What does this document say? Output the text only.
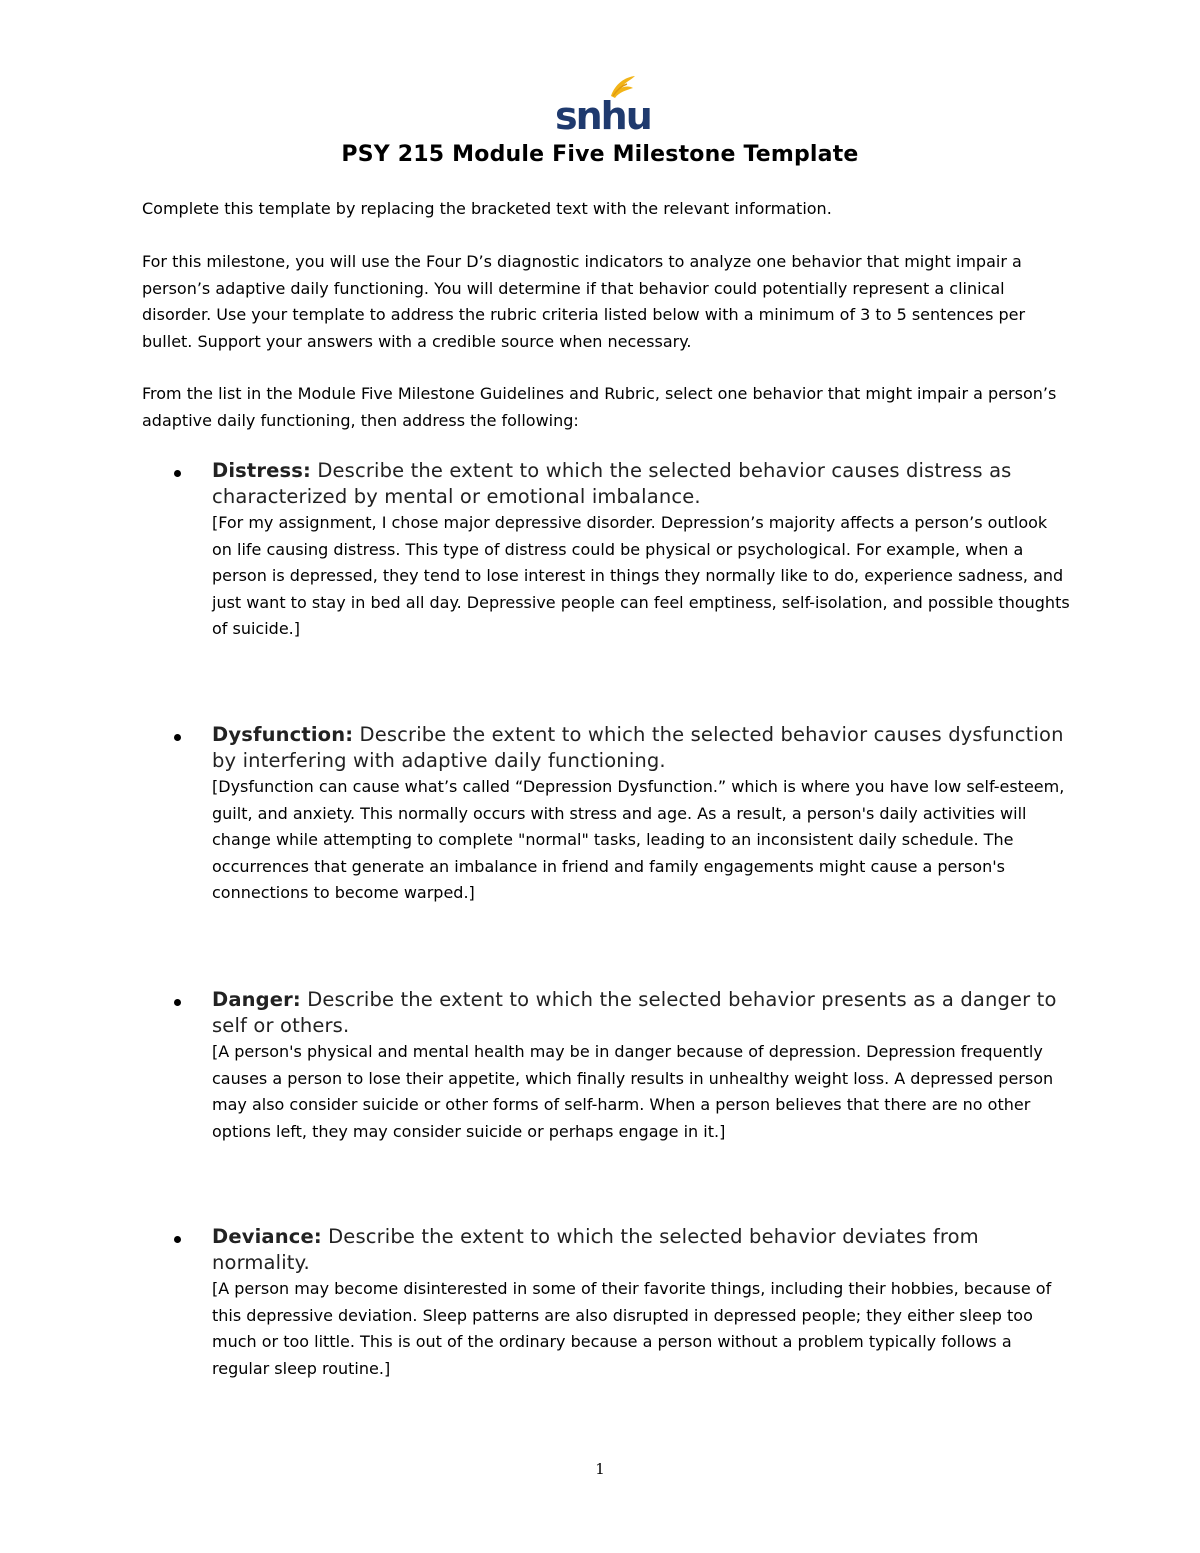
snhu
PSY 215 Module Five Milestone Template

Complete this template by replacing the bracketed text with the relevant information.

For this milestone, you will use the Four D’s diagnostic indicators to analyze one behavior that might impair a person’s adaptive daily functioning. You will determine if that behavior could potentially represent a clinical disorder. Use your template to address the rubric criteria listed below with a minimum of 3 to 5 sentences per bullet. Support your answers with a credible source when necessary.

From the list in the Module Five Milestone Guidelines and Rubric, select one behavior that might impair a person’s adaptive daily functioning, then address the following:

Distress: Describe the extent to which the selected behavior causes distress as characterized by mental or emotional imbalance.

[For my assignment, I chose major depressive disorder. Depression’s majority affects a person’s outlook on life causing distress. This type of distress could be physical or psychological. For example, when a person is depressed, they tend to lose interest in things they normally like to do, experience sadness, and just want to stay in bed all day. Depressive people can feel emptiness, self-isolation, and possible thoughts of suicide.]

Dysfunction: Describe the extent to which the selected behavior causes dysfunction by interfering with adaptive daily functioning.

[Dysfunction can cause what’s called “Depression Dysfunction.” which is where you have low self-esteem, guilt, and anxiety. This normally occurs with stress and age. As a result, a person's daily activities will change while attempting to complete "normal" tasks, leading to an inconsistent daily schedule. The occurrences that generate an imbalance in friend and family engagements might cause a person's connections to become warped.]

Danger: Describe the extent to which the selected behavior presents as a danger to self or others.

[A person's physical and mental health may be in danger because of depression. Depression frequently causes a person to lose their appetite, which finally results in unhealthy weight loss. A depressed person may also consider suicide or other forms of self-harm. When a person believes that there are no other options left, they may consider suicide or perhaps engage in it.]

Deviance: Describe the extent to which the selected behavior deviates from normality.

[A person may become disinterested in some of their favorite things, including their hobbies, because of this depressive deviation. Sleep patterns are also disrupted in depressed people; they either sleep too much or too little. This is out of the ordinary because a person without a problem typically follows a regular sleep routine.]

1
